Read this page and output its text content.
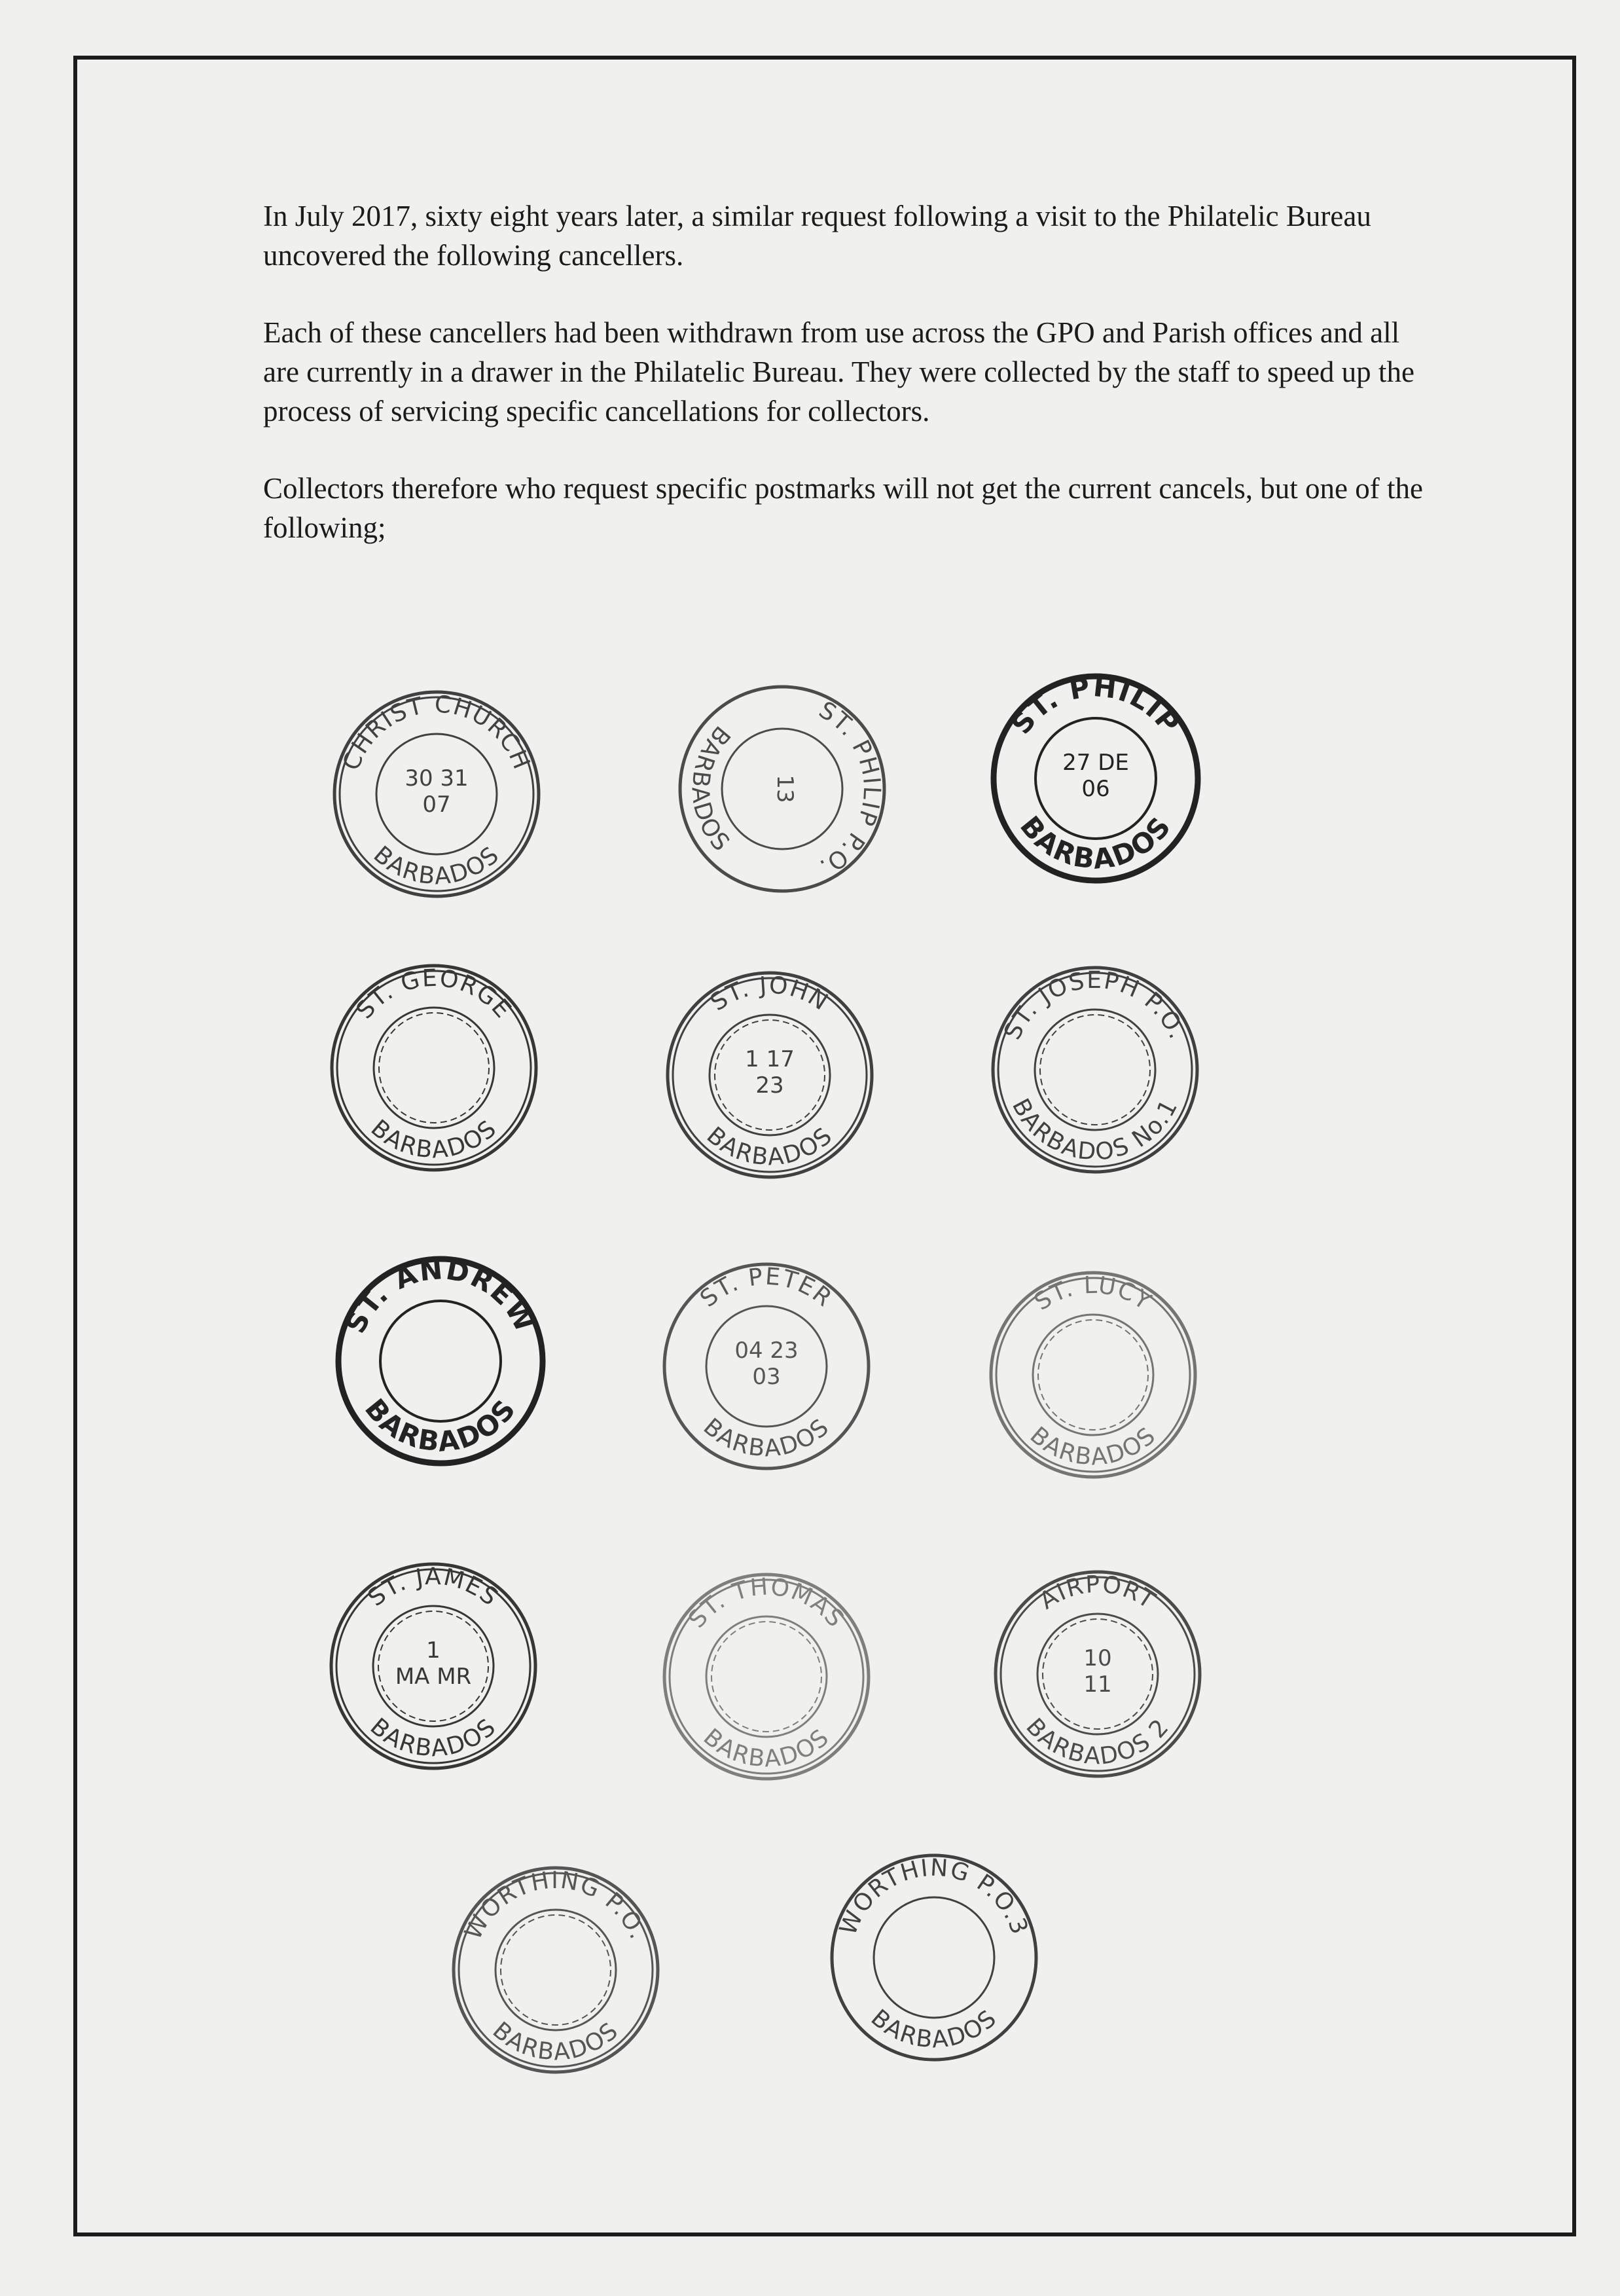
In July 2017, sixty eight years later, a similar request following a visit to the Philatelic Bureau uncovered the following cancellers.

Each of these cancellers had been withdrawn from use across the GPO and Parish offices and all are currently in a drawer in the Philatelic Bureau. They were collected by the staff to speed up the process of servicing specific cancellations for collectors.

Collectors therefore who request specific postmarks will not get the current cancels, but one of the following;

CHRIST CHURCH
BARBADOS
30 31
07
ST. PHILIP P.O.
BARBADOS
13
ST. PHILIP
BARBADOS
27 DE
06
ST. GEORGE
BARBADOS
ST. JOHN
BARBADOS
1 17
23
ST. JOSEPH P.O.
BARBADOS No.1
ST. ANDREW
BARBADOS
ST. PETER
BARBADOS
04 23
03
ST. LUCY
BARBADOS
ST. JAMES
BARBADOS
1
MA MR
ST. THOMAS
BARBADOS
AIRPORT
BARBADOS 2
10
11
WORTHING P.O.
BARBADOS
WORTHING P.O.3
BARBADOS
